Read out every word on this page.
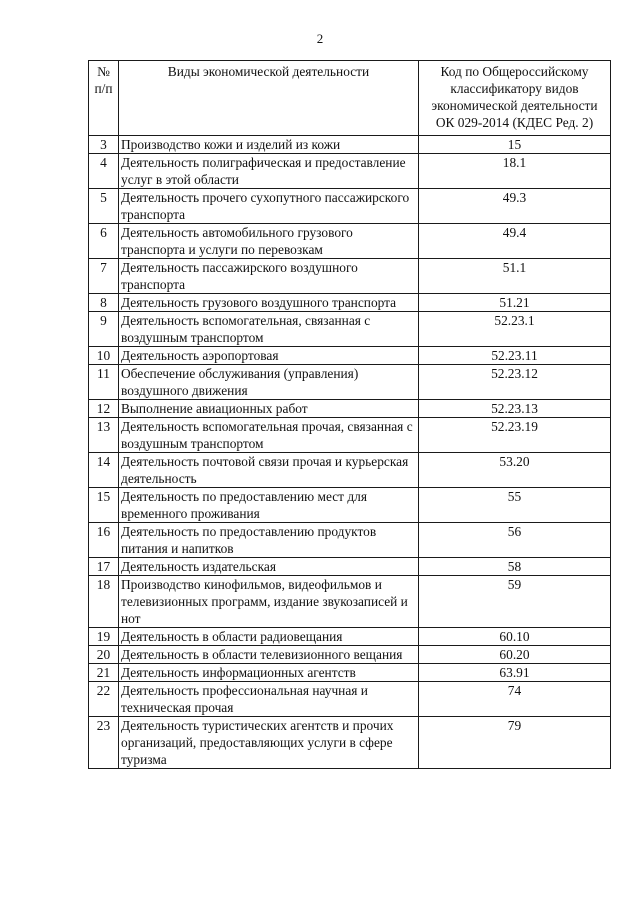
2
№ п/п	Виды экономической деятельности	Код по Общероссийскому классификатору видов экономической деятельности ОК 029-2014 (КДЕС Ред. 2)
3	Производство кожи и изделий из кожи	15
4	Деятельность полиграфическая и предоставление услуг в этой области	18.1
5	Деятельность прочего сухопутного пассажирского транспорта	49.3
6	Деятельность автомобильного грузового транспорта и услуги по перевозкам	49.4
7	Деятельность пассажирского воздушного транспорта	51.1
8	Деятельность грузового воздушного транспорта	51.21
9	Деятельность вспомогательная, связанная с воздушным транспортом	52.23.1
10	Деятельность аэропортовая	52.23.11
11	Обеспечение обслуживания (управления) воздушного движения	52.23.12
12	Выполнение авиационных работ	52.23.13
13	Деятельность вспомогательная прочая, связанная с воздушным транспортом	52.23.19
14	Деятельность почтовой связи прочая и курьерская деятельность	53.20
15	Деятельность по предоставлению мест для временного проживания	55
16	Деятельность по предоставлению продуктов питания и напитков	56
17	Деятельность издательская	58
18	Производство кинофильмов, видеофильмов и телевизионных программ, издание звукозаписей и нот	59
19	Деятельность в области радиовещания	60.10
20	Деятельность в области телевизионного вещания	60.20
21	Деятельность информационных агентств	63.91
22	Деятельность профессиональная научная и техническая прочая	74
23	Деятельность туристических агентств и прочих организаций, предоставляющих услуги в сфере туризма	79
